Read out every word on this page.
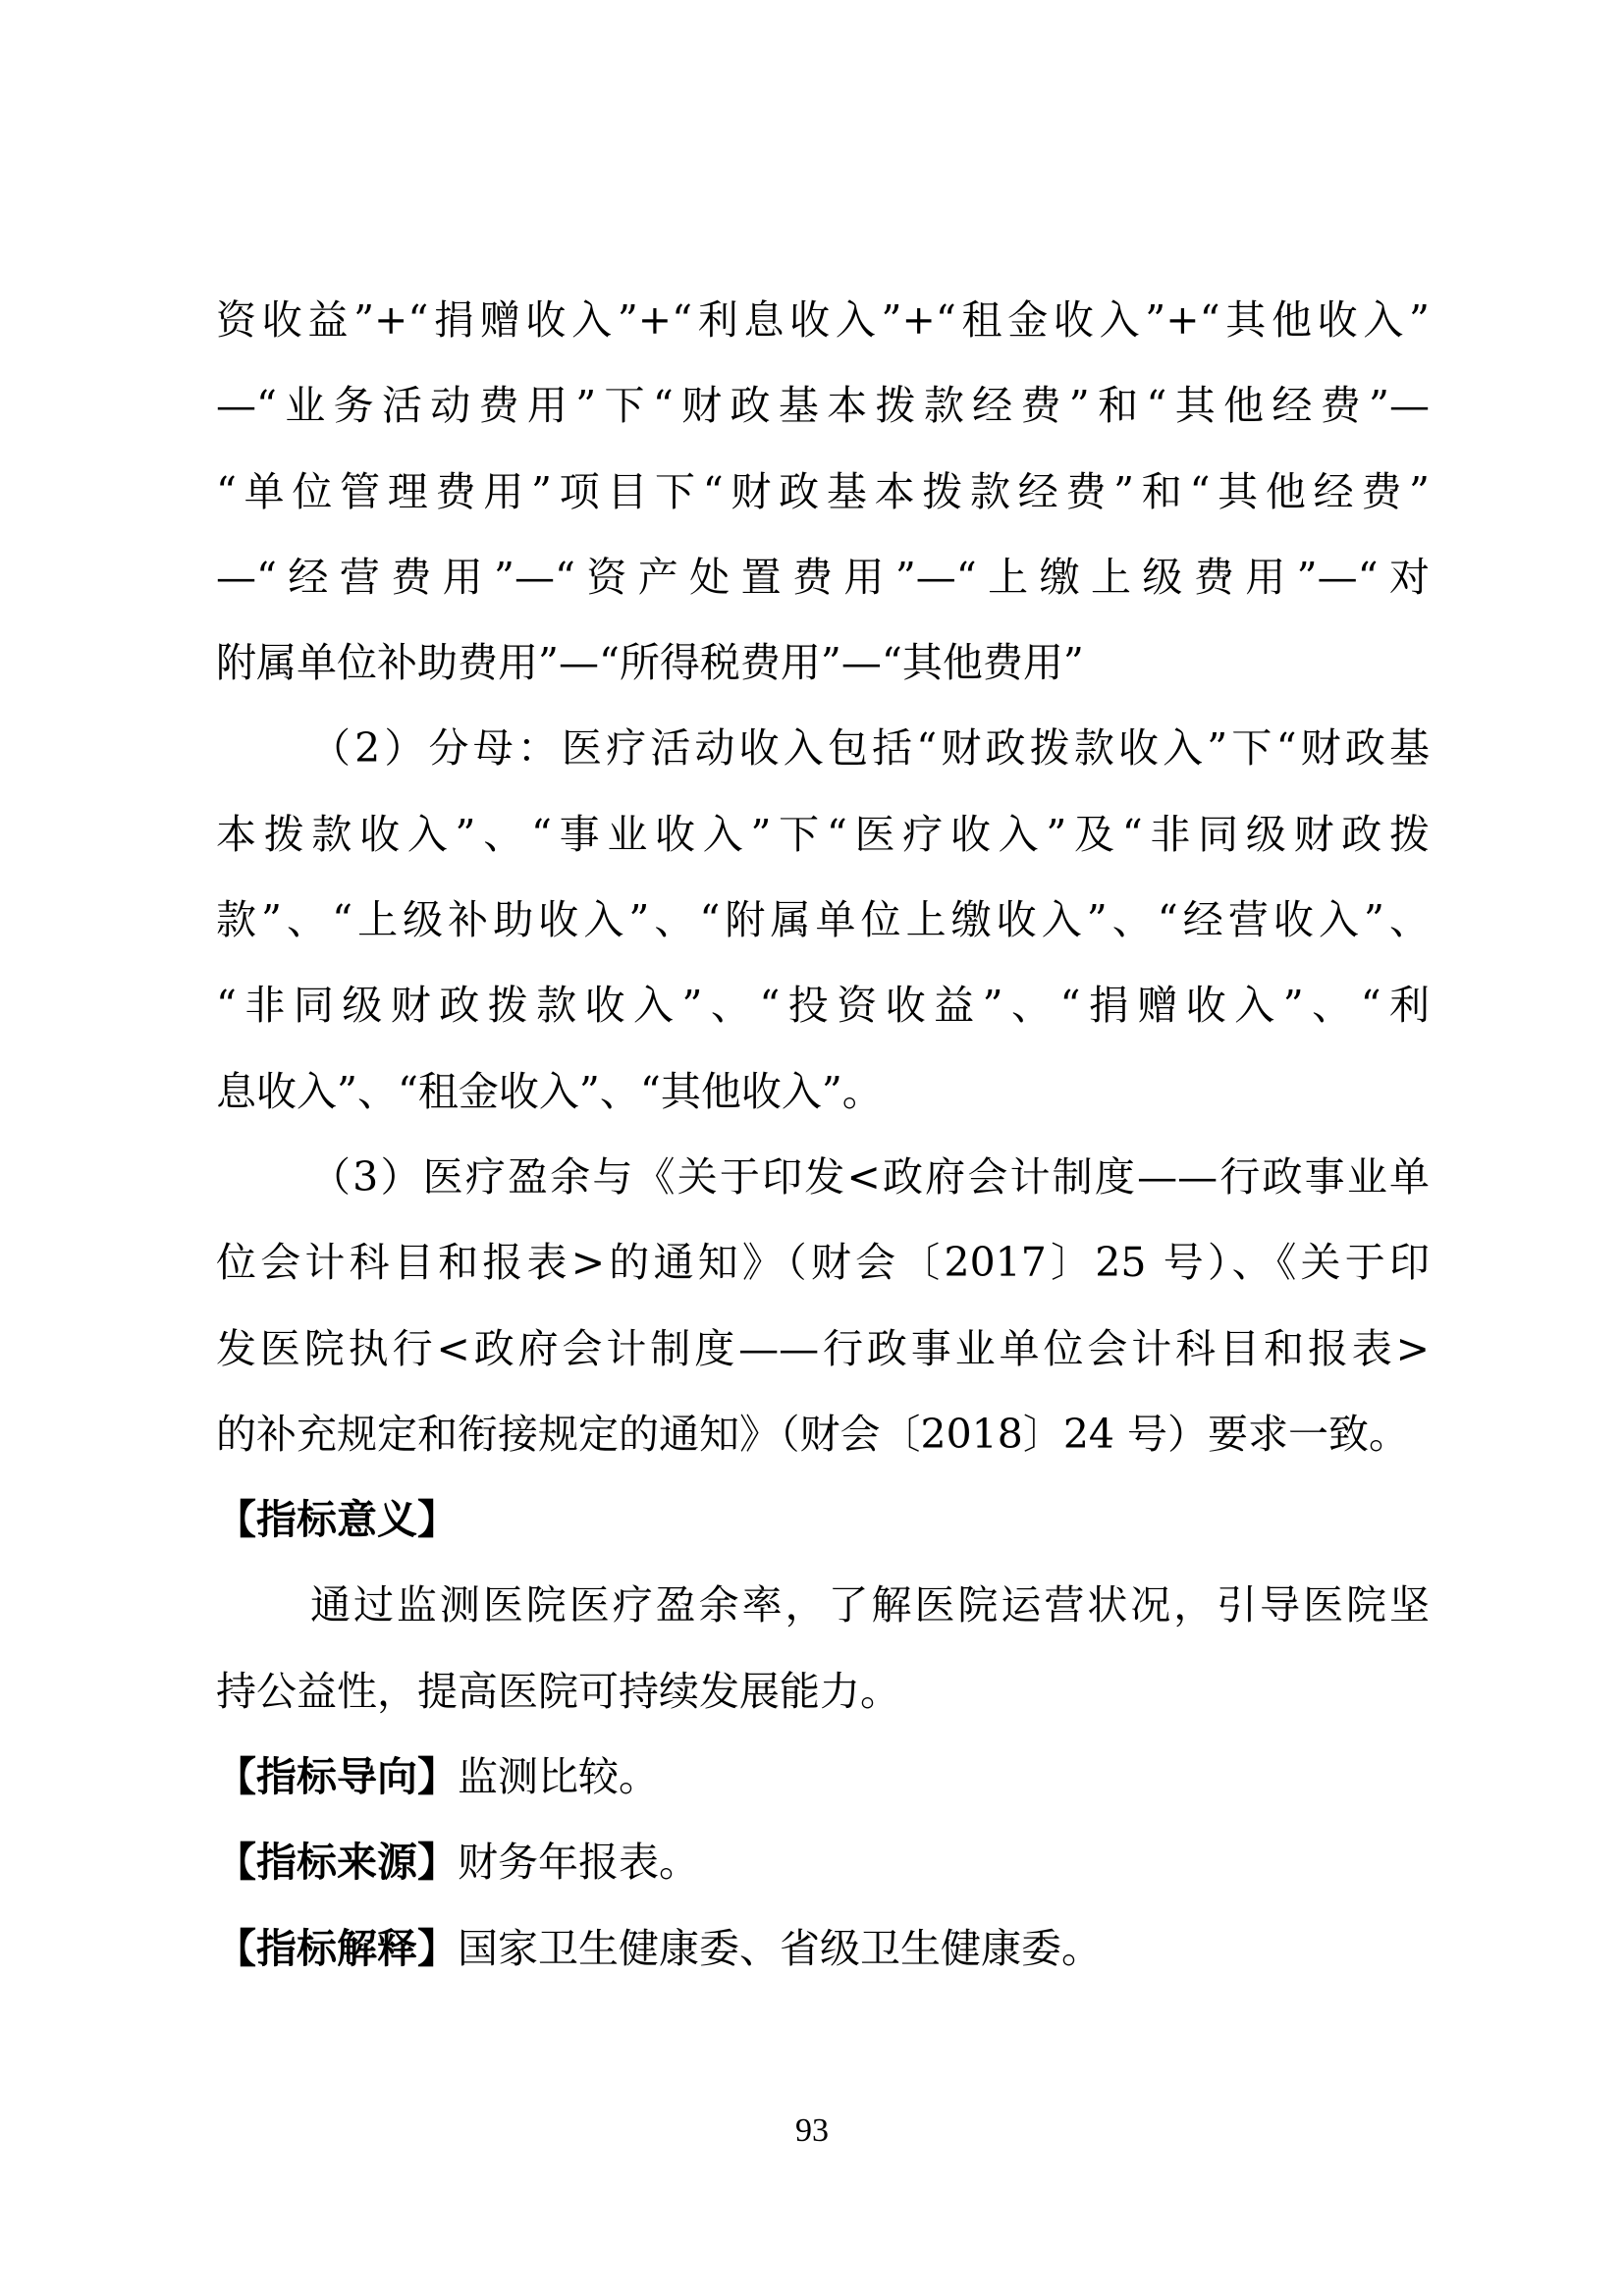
资收益”+“捐赠收入”+“利息收入”+“租金收入”+“其他收入”
—“业务活动费用”下“财政基本拨款经费”和“其他经费”—
“单位管理费用”项目下“财政基本拨款经费”和“其他经费”
—“经营费用”—“资产处置费用”—“上缴上级费用”—“对
附属单位补助费用”—“所得税费用”—“其他费用”
（2）分母：医疗活动收入包括“财政拨款收入”下“财政基
本拨款收入”、“事业收入”下“医疗收入”及“非同级财政拨
款”、“上级补助收入”、“附属单位上缴收入”、“经营收入”、
“非同级财政拨款收入”、“投资收益”、“捐赠收入”、“利
息收入”、“租金收入”、“其他收入”。
（3）医疗盈余与《关于印发<政府会计制度——行政事业单
位会计科目和报表>的通知》（财会〔2017〕25 号）、《关于印
发医院执行<政府会计制度——行政事业单位会计科目和报表>
的补充规定和衔接规定的通知》（财会〔2018〕24 号）要求一致。
【指标意义】
通过监测医院医疗盈余率，了解医院运营状况，引导医院坚
持公益性，提高医院可持续发展能力。
【指标导向】监测比较。
【指标来源】财务年报表。
【指标解释】国家卫生健康委、省级卫生健康委。
93
